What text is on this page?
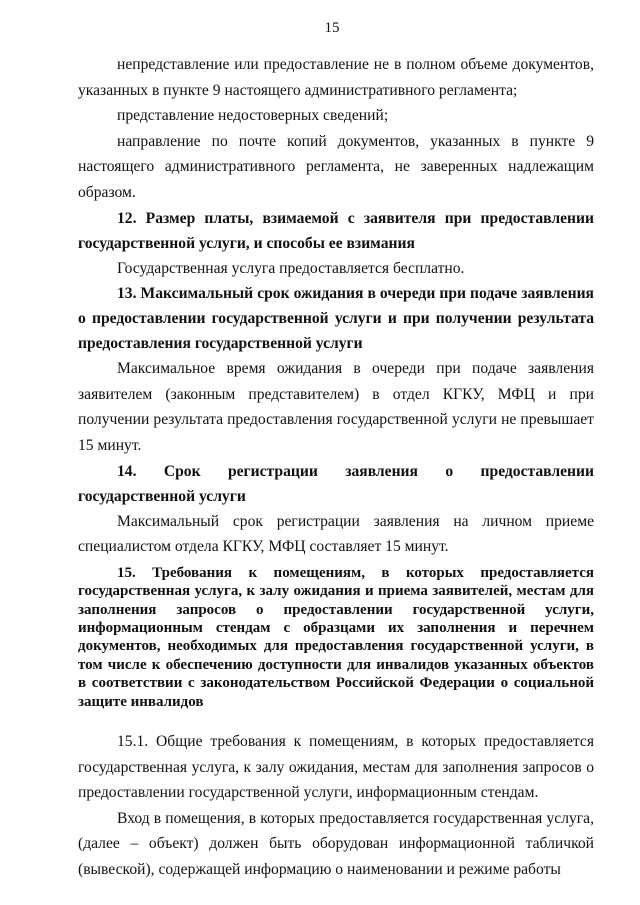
15

непредставление или предоставление не в полном объеме документов, указанных в пункте 9 настоящего административного регламента;

представление недостоверных сведений;

направление по почте копий документов, указанных в пункте 9 настоящего административного регламента, не заверенных надлежащим образом.

12. Размер платы, взимаемой с заявителя при предоставлении государственной услуги, и способы ее взимания

Государственная услуга предоставляется бесплатно.

13. Максимальный срок ожидания в очереди при подаче заявления о предоставлении государственной услуги и при получении результата предоставления государственной услуги

Максимальное время ожидания в очереди при подаче заявления заявителем (законным представителем) в отдел КГКУ, МФЦ и при получении результата предоставления государственной услуги не превышает 15 минут.

14. Срок регистрации заявления о предоставлении государственной услуги

Максимальный срок регистрации заявления на личном приеме специалистом отдела КГКУ, МФЦ составляет 15 минут.

15. Требования к помещениям, в которых предоставляется государственная услуга, к залу ожидания и приема заявителей, местам для заполнения запросов о предоставлении государственной услуги, информационным стендам с образцами их заполнения и перечнем документов, необходимых для предоставления государственной услуги, в том числе к обеспечению доступности для инвалидов указанных объектов в соответствии с законодательством Российской Федерации о социальной защите инвалидов

15.1. Общие требования к помещениям, в которых предоставляется государственная услуга, к залу ожидания, местам для заполнения запросов о предоставлении государственной услуги, информационным стендам.

Вход в помещения, в которых предоставляется государственная услуга, (далее – объект) должен быть оборудован информационной табличкой (вывеской), содержащей информацию о наименовании и режиме работы
